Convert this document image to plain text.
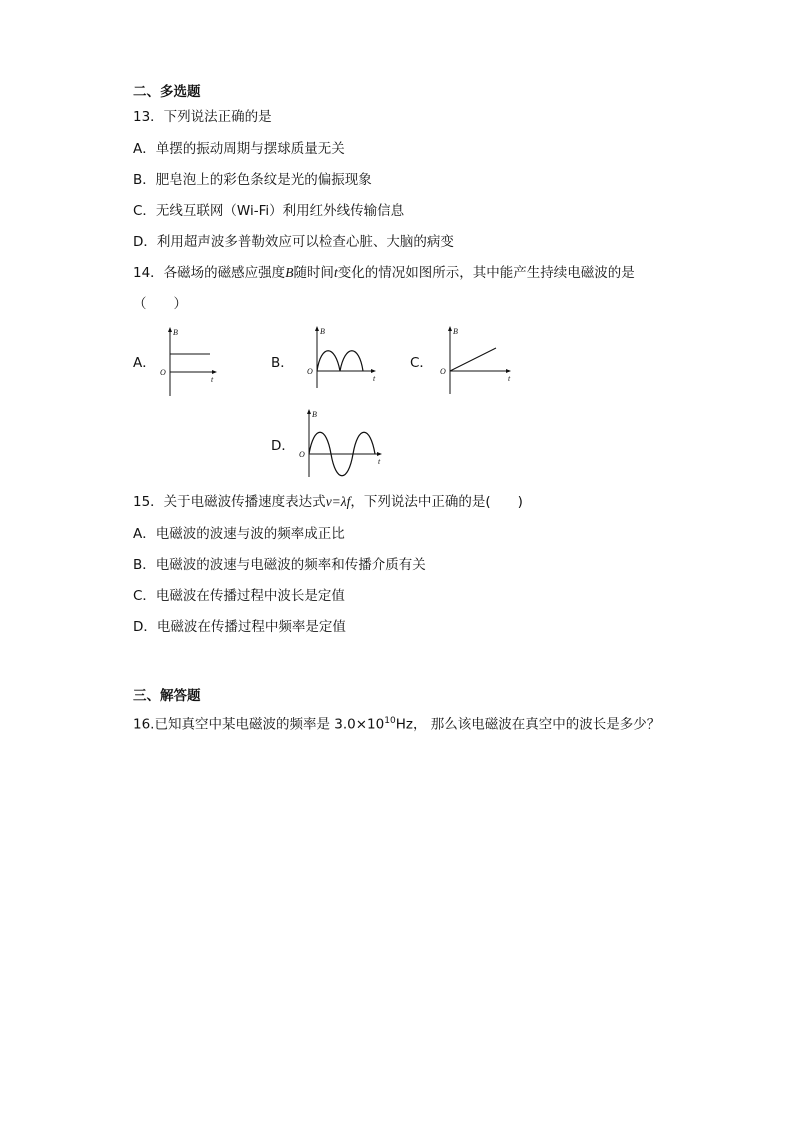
二、多选题
13．下列说法正确的是
A．单摆的振动周期与摆球质量无关
B．肥皂泡上的彩色条纹是光的偏振现象
C．无线互联网（Wi-Fi）利用红外线传输信息
D．利用超声波多普勒效应可以检查心脏、大脑的病变
14．各磁场的磁感应强度B随时间t变化的情况如图所示，其中能产生持续电磁波的是
（　　）
A．
B
t
O
B．
B
t
O
C．
B
t
O
D．
B
t
O
15．关于电磁波传播速度表达式v=λf，下列说法中正确的是(　　)
A．电磁波的波速与波的频率成正比
B．电磁波的波速与电磁波的频率和传播介质有关
C．电磁波在传播过程中波长是定值
D．电磁波在传播过程中频率是定值
三、解答题
16.已知真空中某电磁波的频率是 $3.0\times 10^{10}Hz$， 那么该电磁波在真空中的波长是多少？
